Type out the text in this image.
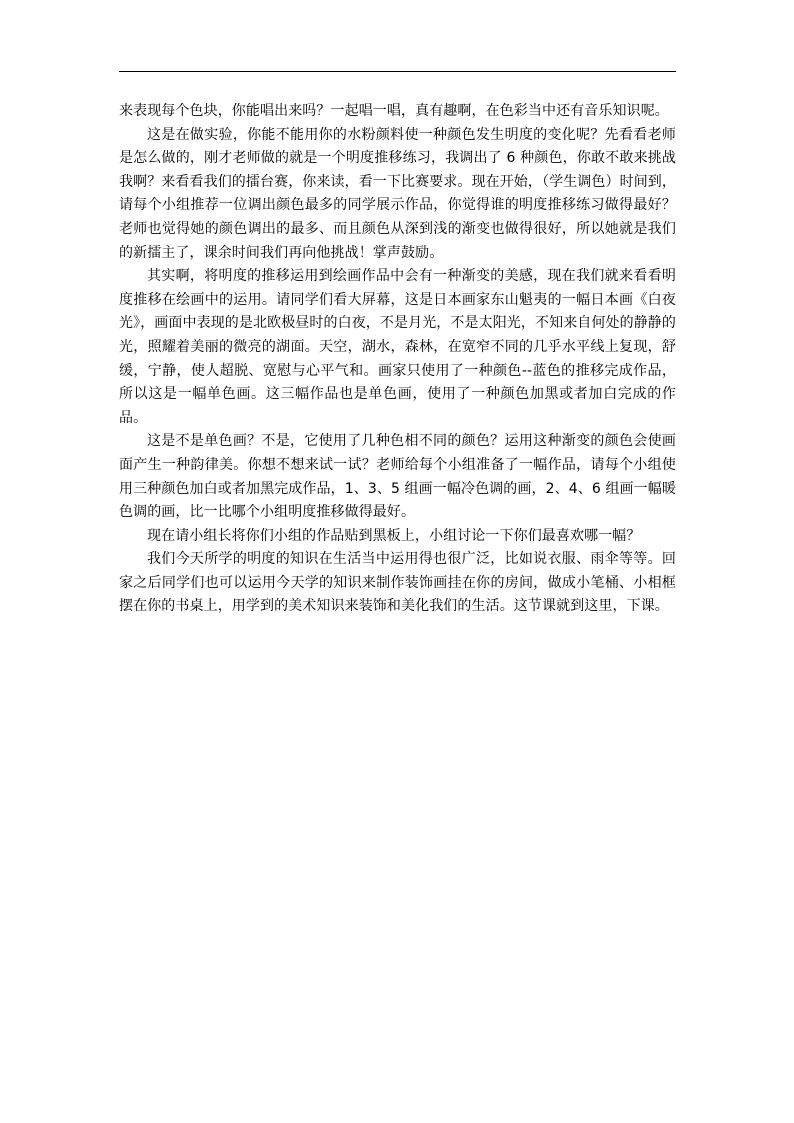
来表现每个色块，你能唱出来吗？一起唱一唱，真有趣啊，在色彩当中还有音乐知识呢。

这是在做实验，你能不能用你的水粉颜料使一种颜色发生明度的变化呢？先看看老师是怎么做的，刚才老师做的就是一个明度推移练习，我调出了 6 种颜色，你敢不敢来挑战我啊？来看看我们的擂台赛，你来读，看一下比赛要求。现在开始，（学生调色）时间到，请每个小组推荐一位调出颜色最多的同学展示作品，你觉得谁的明度推移练习做得最好？老师也觉得她的颜色调出的最多、而且颜色从深到浅的渐变也做得很好，所以她就是我们的新擂主了，课余时间我们再向他挑战！掌声鼓励。

其实啊，将明度的推移运用到绘画作品中会有一种渐变的美感，现在我们就来看看明度推移在绘画中的运用。请同学们看大屏幕，这是日本画家东山魁夷的一幅日本画《白夜光》，画面中表现的是北欧极昼时的白夜，不是月光，不是太阳光，不知来自何处的静静的光，照耀着美丽的微亮的湖面。天空，湖水，森林，在宽窄不同的几乎水平线上复现，舒缓，宁静，使人超脱、宽慰与心平气和。画家只使用了一种颜色--蓝色的推移完成作品，所以这是一幅单色画。这三幅作品也是单色画，使用了一种颜色加黑或者加白完成的作品。

这是不是单色画？不是，它使用了几种色相不同的颜色？运用这种渐变的颜色会使画面产生一种韵律美。你想不想来试一试？老师给每个小组准备了一幅作品，请每个小组使用三种颜色加白或者加黑完成作品，1、3、5 组画一幅冷色调的画，2、4、6 组画一幅暖色调的画，比一比哪个小组明度推移做得最好。

现在请小组长将你们小组的作品贴到黑板上，小组讨论一下你们最喜欢哪一幅？

我们今天所学的明度的知识在生活当中运用得也很广泛，比如说衣服、雨伞等等。回家之后同学们也可以运用今天学的知识来制作装饰画挂在你的房间，做成小笔桶、小相框摆在你的书桌上，用学到的美术知识来装饰和美化我们的生活。这节课就到这里，下课。
